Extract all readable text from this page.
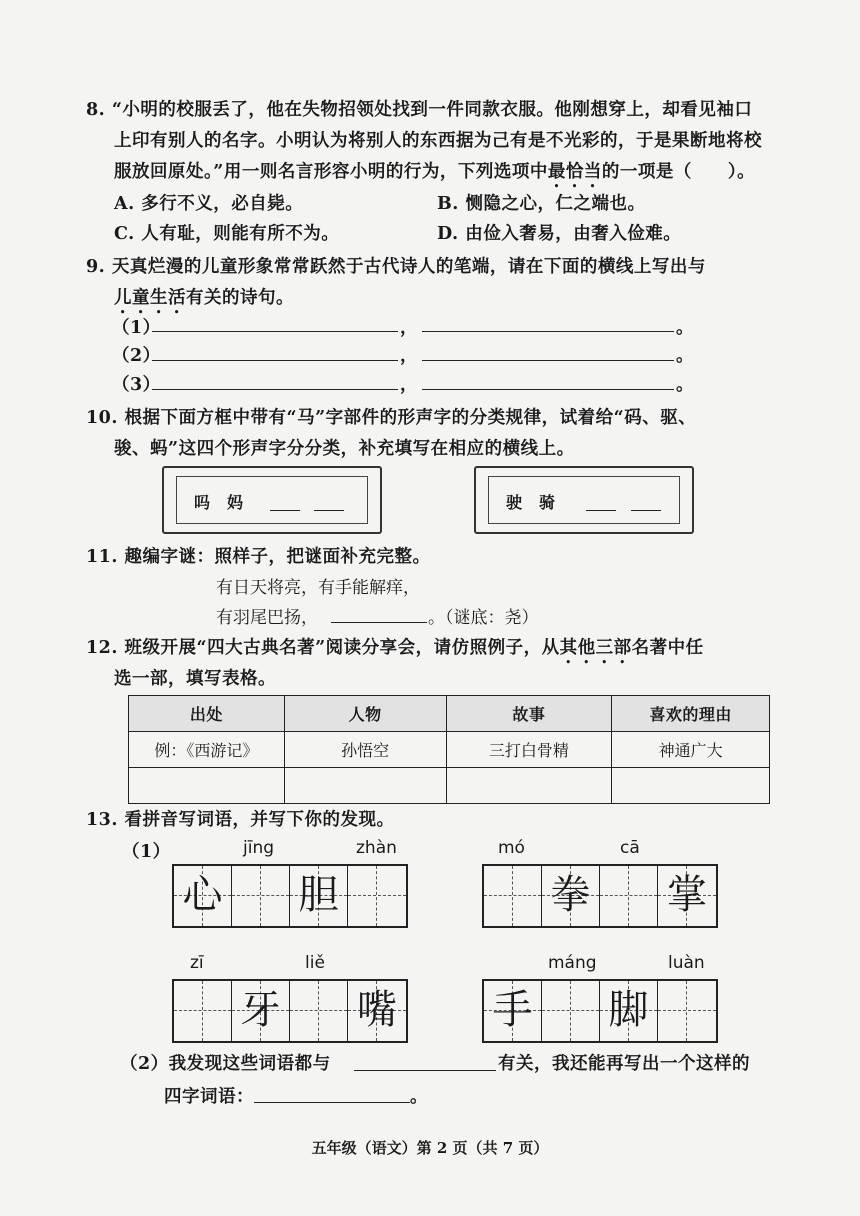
8. “小明的校服丢了，他在失物招领处找到一件同款衣服。他刚想穿上，却看见袖口
上印有别人的名字。小明认为将别人的东西据为己有是不光彩的，于是果断地将校
服放回原处。”用一则名言形容小明的行为，下列选项中最恰当的一项是（　　）。
A. 多行不义，必自毙。	B. 恻隐之心，仁之端也。
C. 人有耻，则能有所不为。	D. 由俭入奢易，由奢入俭难。
9. 天真烂漫的儿童形象常常跃然于古代诗人的笔端，请在下面的横线上写出与
儿童生活有关的诗句。
（1）	，	。
（2）	，	。
（3）	，	。
10. 根据下面方框中带有“马”字部件的形声字的分类规律，试着给“码、驱、
骏、蚂”这四个形声字分分类，补充填写在相应的横线上。
吗　妈	驶　骑
11. 趣编字谜：照样子，把谜面补充完整。
有日天将亮，有手能解痒，
有羽尾巴扬，	。（谜底：尧）
12. 班级开展“四大古典名著”阅读分享会，请仿照例子，从其他三部名著中任
选一部，填写表格。
出处	人物	故事	喜欢的理由
例：《西游记》	孙悟空	三打白骨精	神通广大

13. 看拼音写词语，并写下你的发现。
（1）	jīng	zhàn
心 胆
mó	cā
拳 掌
zī	liě
牙 嘴
máng	luàn
手 脚
（2）我发现这些词语都与	有关，我还能再写出一个这样的
四字词语：	。
五年级（语文）第 2 页（共 7 页）
